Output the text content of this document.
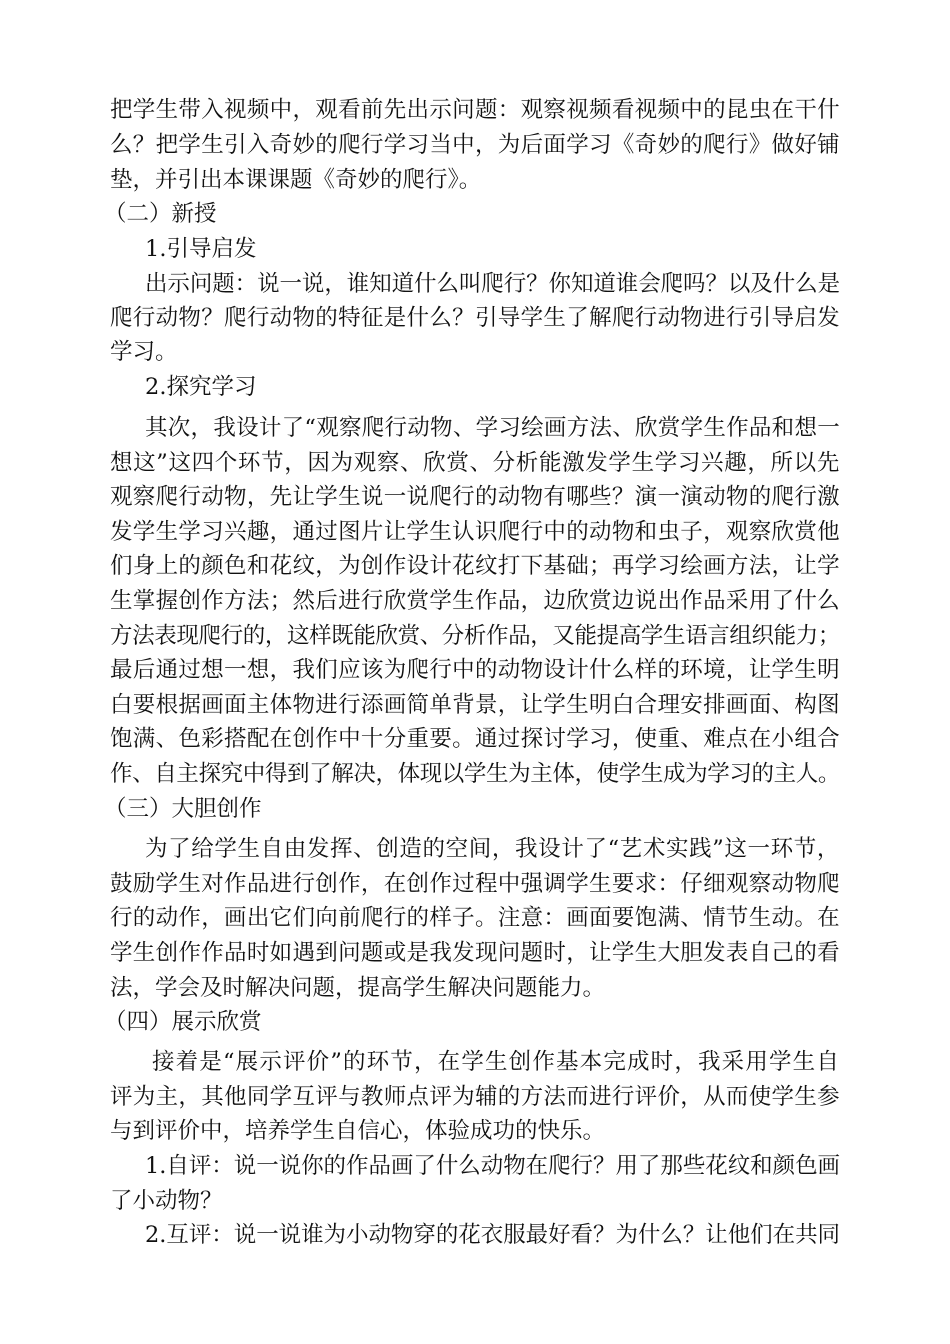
把学生带入视频中，观看前先出示问题：观察视频看视频中的昆虫在干什
么？把学生引入奇妙的爬行学习当中，为后面学习《奇妙的爬行》做好铺
垫，并引出本课课题《奇妙的爬行》。
（二）新授
1.引导启发
出示问题：说一说，谁知道什么叫爬行？你知道谁会爬吗？以及什么是
爬行动物？爬行动物的特征是什么？引导学生了解爬行动物进行引导启发
学习。
2.探究学习
其次，我设计了“观察爬行动物、学习绘画方法、欣赏学生作品和想一
想这”这四个环节，因为观察、欣赏、分析能激发学生学习兴趣，所以先
观察爬行动物，先让学生说一说爬行的动物有哪些？演一演动物的爬行激
发学生学习兴趣，通过图片让学生认识爬行中的动物和虫子，观察欣赏他
们身上的颜色和花纹，为创作设计花纹打下基础；再学习绘画方法，让学
生掌握创作方法；然后进行欣赏学生作品，边欣赏边说出作品采用了什么
方法表现爬行的，这样既能欣赏、分析作品，又能提高学生语言组织能力；
最后通过想一想，我们应该为爬行中的动物设计什么样的环境，让学生明
白要根据画面主体物进行添画简单背景，让学生明白合理安排画面、构图
饱满、色彩搭配在创作中十分重要。通过探讨学习，使重、难点在小组合
作、自主探究中得到了解决，体现以学生为主体，使学生成为学习的主人。
（三）大胆创作
为了给学生自由发挥、创造的空间，我设计了“艺术实践”这一环节，
鼓励学生对作品进行创作，在创作过程中强调学生要求：仔细观察动物爬
行的动作，画出它们向前爬行的样子。注意：画面要饱满、情节生动。在
学生创作作品时如遇到问题或是我发现问题时，让学生大胆发表自己的看
法，学会及时解决问题，提高学生解决问题能力。
（四）展示欣赏
接着是“展示评价”的环节，在学生创作基本完成时，我采用学生自
评为主，其他同学互评与教师点评为辅的方法而进行评价，从而使学生参
与到评价中，培养学生自信心，体验成功的快乐。
1.自评：说一说你的作品画了什么动物在爬行？用了那些花纹和颜色画
了小动物？
2.互评：说一说谁为小动物穿的花衣服最好看？为什么？让他们在共同
